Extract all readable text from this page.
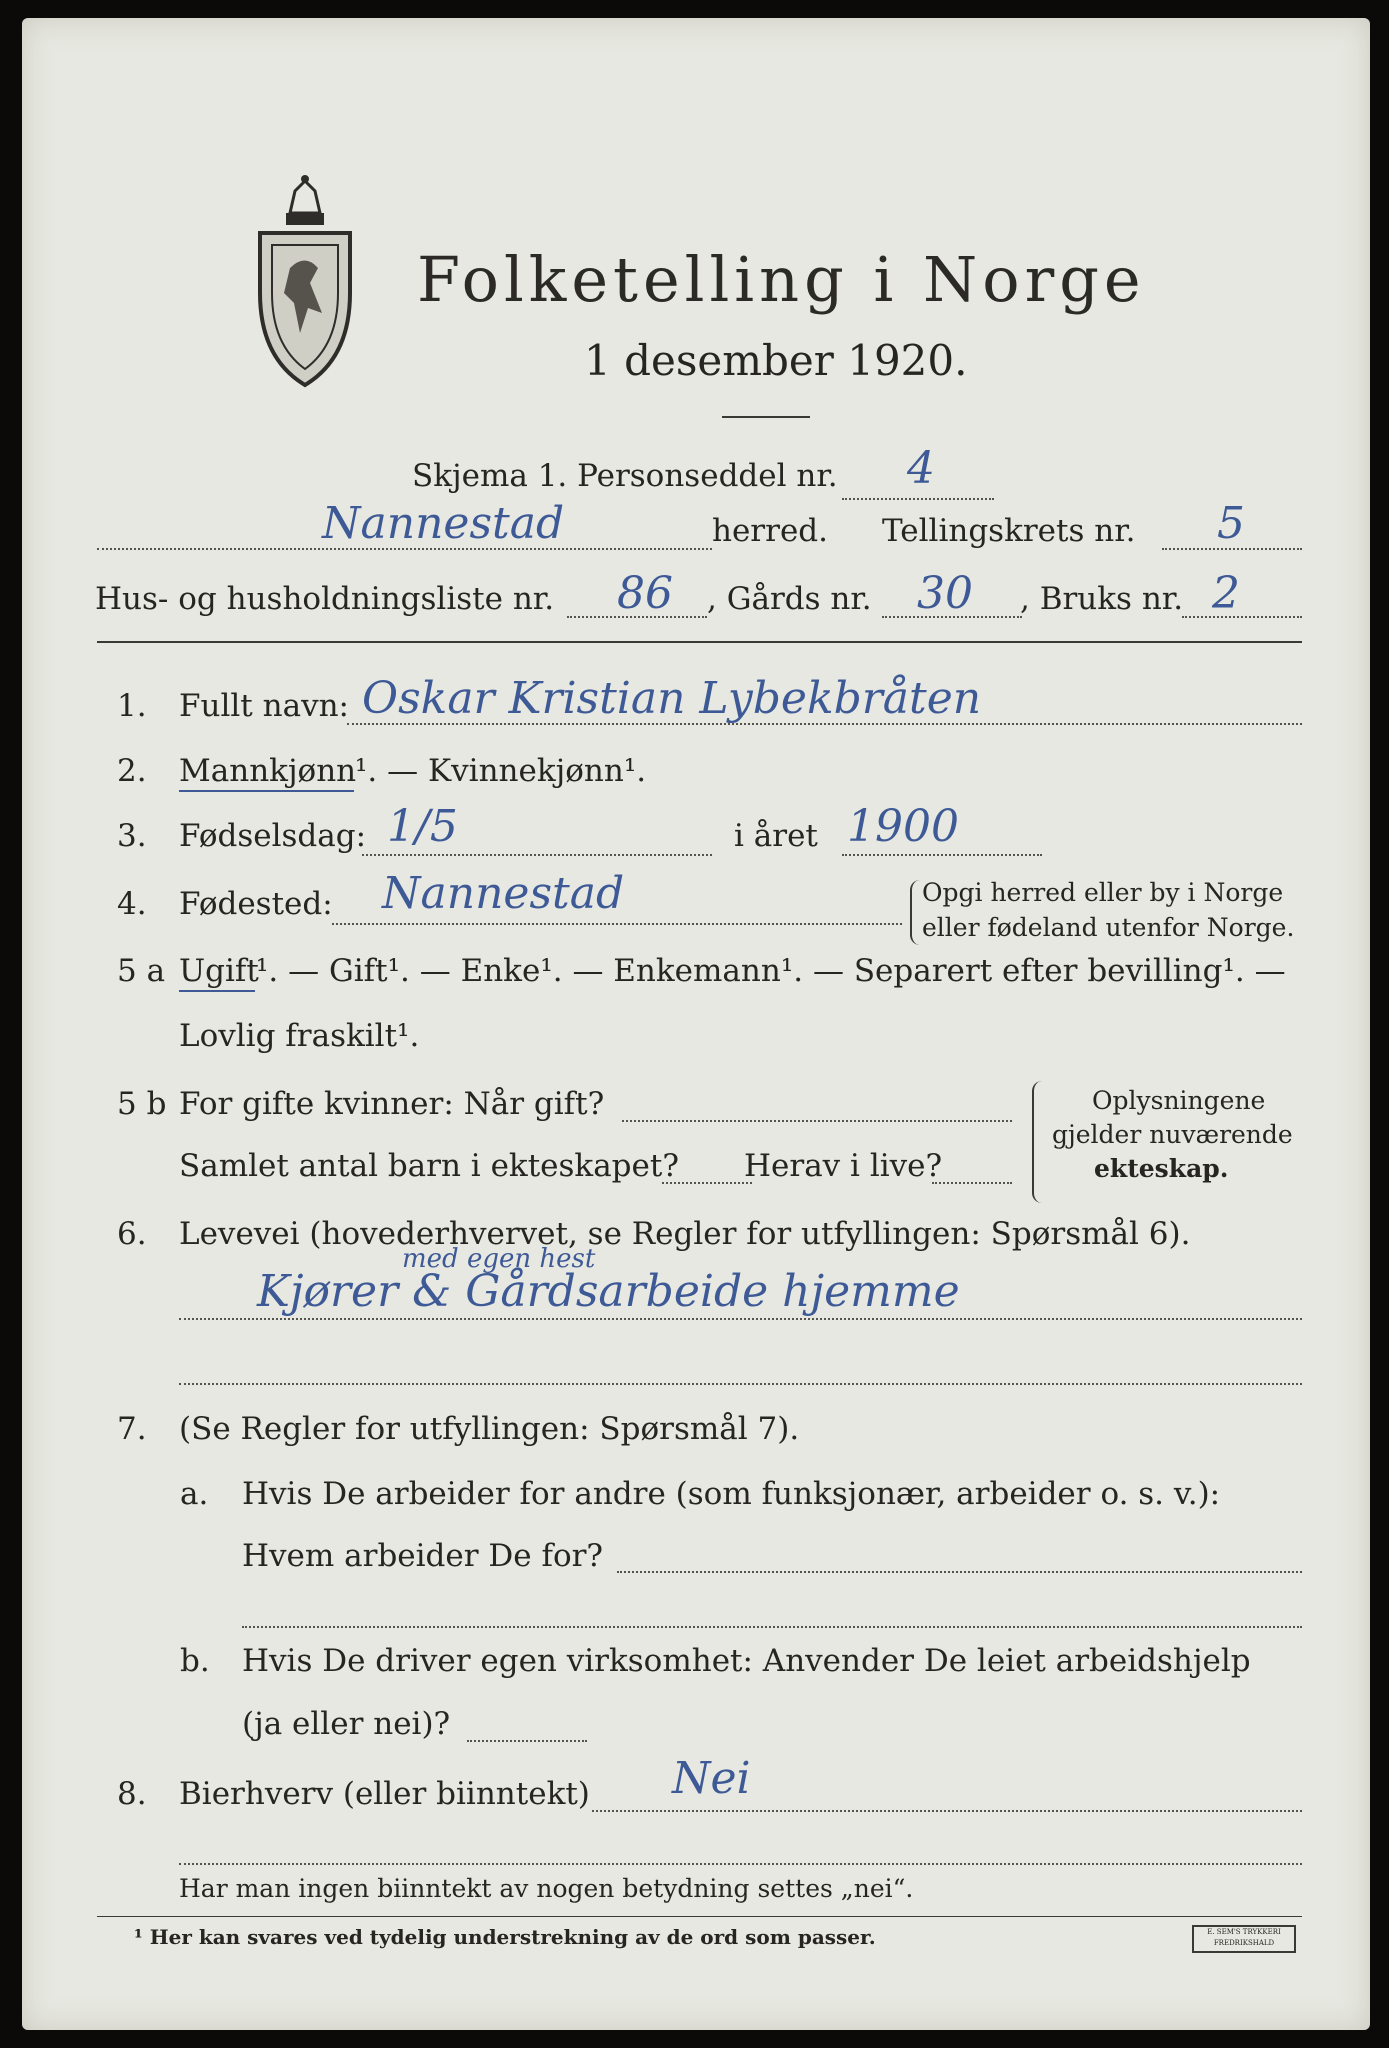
Folketelling i Norge
1 desember 1920.
Skjema 1. Personseddel nr. 4
Nannestad	herred. Tellingskrets nr. 5
Hus- og husholdningsliste nr. 86 , Gårds nr. 30 , Bruks nr. 2
1. Fullt navn: Oskar Kristian Lybekbråten
2. Mannkjønn
¹. — Kvinnekjønn¹.
3. Fødselsdag: 1/5	i året 1900
4. Fødested: Nannestad	Opgi herred eller by i Norge
eller fødeland utenfor Norge.
5 a Ugift
¹. — Gift¹. — Enke¹. — Enkemann¹. — Separert efter bevilling¹. —
Lovlig fraskilt¹.
5 b For gifte kvinner: Når gift?
Samlet antal barn i ekteskapet? Herav i live?
Oplysningene
gjelder nuværende
ekteskap.
6. Levevei (hovederhvervet, se Regler for utfyllingen: Spørsmål 6).
med egen hest
Kjører & Gårdsarbeide hjemme
7. (Se Regler for utfyllingen: Spørsmål 7).
a. Hvis De arbeider for andre (som funksjonær, arbeider o. s. v.):
Hvem arbeider De for?
b. Hvis De driver egen virksomhet: Anvender De leiet arbeidshjelp
(ja eller nei)?
8. Bierhverv (eller biinntekt) Nei
Har man ingen biinntekt av nogen betydning settes „nei“.
¹ Her kan svares ved tydelig understrekning av de ord som passer.	E. SEM'S TRYKKERI FREDRIKSHALD
